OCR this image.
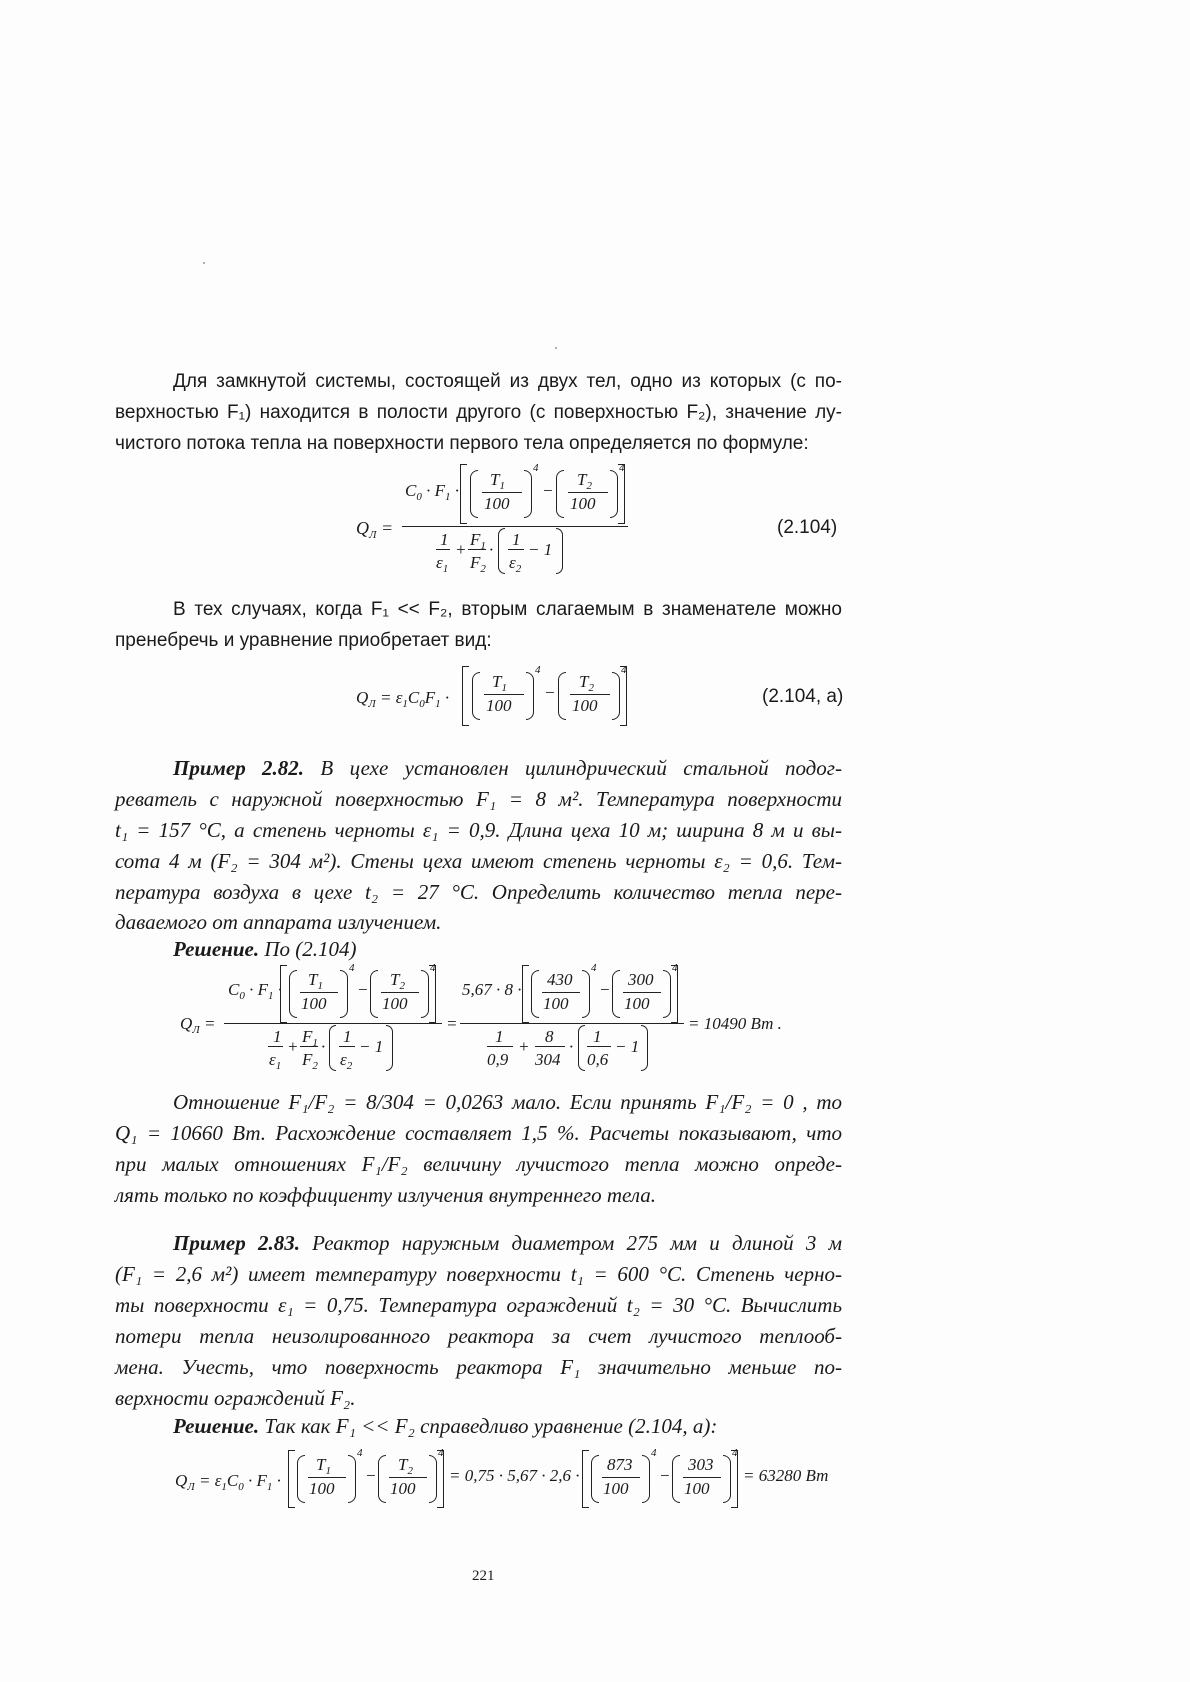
Для замкнутой системы, состоящей из двух тел, одно из которых (с по-
верхностью F₁) находится в полости другого (с поверхностью F₂), значение лу-
чистого потока тепла на поверхности первого тела определяется по формуле:
$Q_Л$ =
$C_0 \cdot F_1$ ·
$T_1$
100
4
−
$T_2$
100
4
1
$\varepsilon_1$
+
$F_1$
$F_2$
·
1
$\varepsilon_2$
− 1
(2.104)
В тех случаях, когда F₁ << F₂, вторым слагаемым в знаменателе можно
пренебречь и уравнение приобретает вид:
$Q_Л = \varepsilon_1C_0F_1$ ·
$T_1$
100
4
−
$T_2$
100
4
(2.104, а)
Пример 2.82. В цехе установлен цилиндрический стальной подог-
реватель с наружной поверхностью F₁ = 8 м². Температура поверхности
t₁ = 157 °С, а степень черноты ε₁ = 0,9. Длина цеха 10 м; ширина 8 м и вы-
сота 4 м (F₂ = 304 м²). Стены цеха имеют степень черноты ε₂ = 0,6. Тем-
пература воздуха в цехе t₂ = 27 °С. Определить количество тепла пере-
даваемого от аппарата излучением.
Решение. По (2.104)
$Q_Л$ =
$C_0 \cdot F_1$ ·
$T_1$
100
4
−
$T_2$
100
4
1
$\varepsilon_1$
+
$F_1$
$F_2$
·
1
$\varepsilon_2$
− 1
=
5,67 · 8 ·
430
100
4
−
300
100
4
1
0,9
+
8
304
·
1
0,6
− 1
= 10490 Вт .
Отношение F₁/F₂ = 8/304 = 0,0263 мало. Если принять F₁/F₂ = 0 , то
Q₁ = 10660 Вт. Расхождение составляет 1,5 %. Расчеты показывают, что
при малых отношениях F₁/F₂ величину лучистого тепла можно опреде-
лять только по коэффициенту излучения внутреннего тела.
Пример 2.83. Реактор наружным диаметром 275 мм и длиной 3 м
(F₁ = 2,6 м²) имеет температуру поверхности t₁ = 600 °С. Степень черно-
ты поверхности ε₁ = 0,75. Температура ограждений t₂ = 30 °С. Вычислить
потери тепла неизолированного реактора за счет лучистого теплооб-
мена. Учесть, что поверхность реактора F₁ значительно меньше по-
верхности ограждений F₂.
Решение. Так как F₁ << F₂ справедливо уравнение (2.104, а):
$Q_Л = \varepsilon_1C_0 \cdot F_1$ ·
$T_1$
100
4
−
$T_2$
100
4
= 0,75 · 5,67 · 2,6 ·
873
100
4
−
303
100
4
= 63280 Вт
221
